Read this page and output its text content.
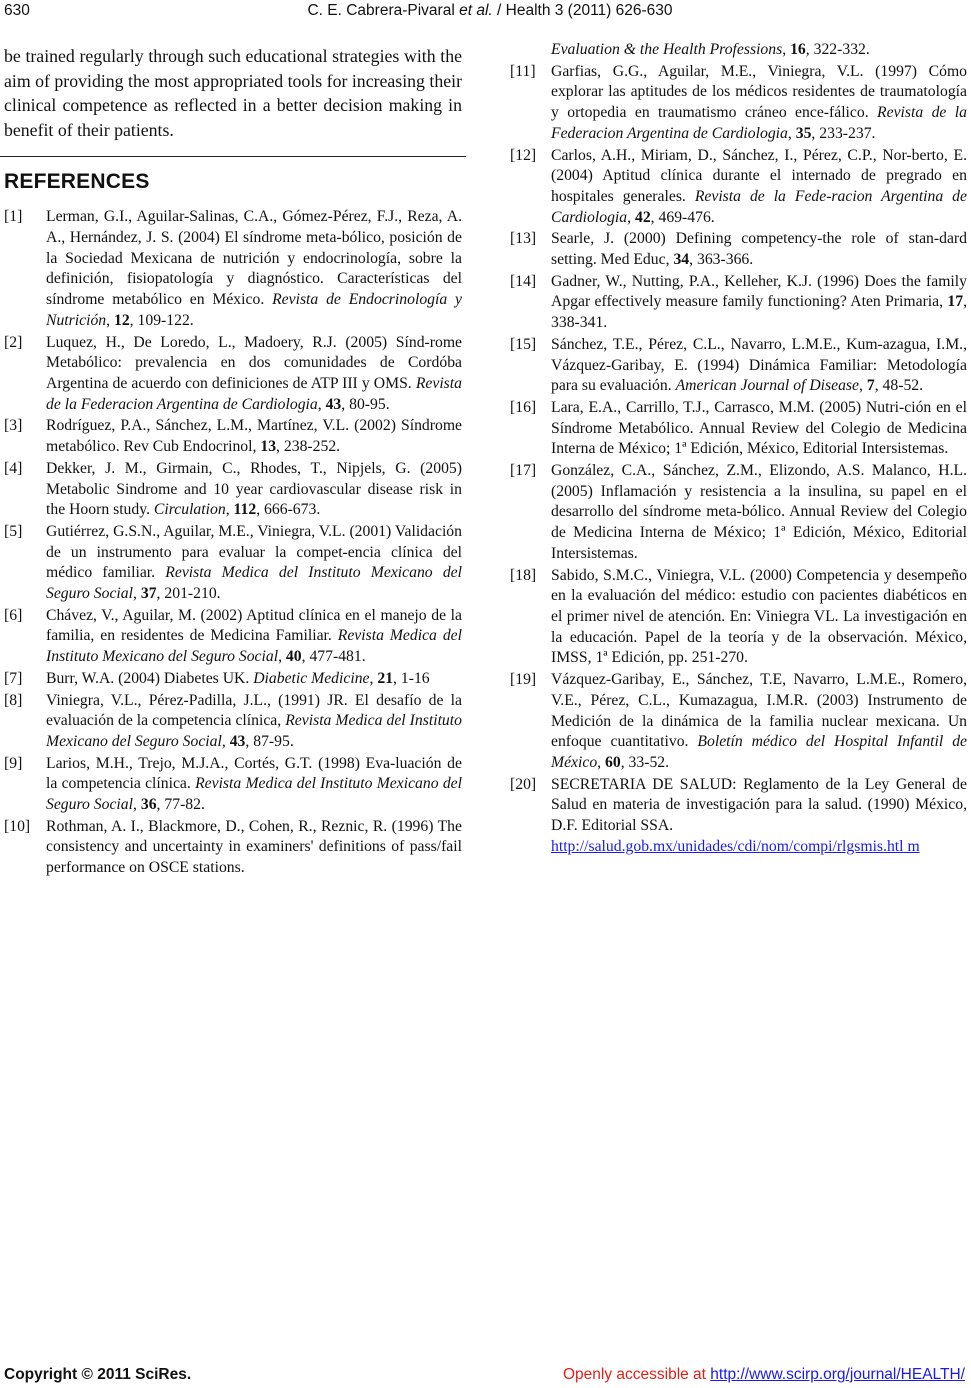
630	C. E. Cabrera-Pivaral et al. / Health 3 (2011) 626-630

be trained regularly through such educational strategies with the aim of providing the most appropriated tools for increasing their clinical competence as reflected in a better decision making in benefit of their patients.

REFERENCES
[1] Lerman, G.I., Aguilar-Salinas, C.A., Gómez-Pérez, F.J., Reza, A. A., Hernández, J. S. (2004) El síndrome meta-bólico, posición de la Sociedad Mexicana de nutrición y endocrinología, sobre la definición, fisiopatología y diagnóstico. Características del síndrome metabólico en México. Revista de Endocrinología y Nutrición, 12, 109-122.
[2] Luquez, H., De Loredo, L., Madoery, R.J. (2005) Sínd-rome Metabólico: prevalencia en dos comunidades de Cordóba Argentina de acuerdo con definiciones de ATP III y OMS. Revista de la Federacion Argentina de Cardiologia, 43, 80-95.
[3] Rodríguez, P.A., Sánchez, L.M., Martínez, V.L. (2002) Síndrome metabólico. Rev Cub Endocrinol, 13, 238-252.
[4] Dekker, J. M., Girmain, C., Rhodes, T., Nipjels, G. (2005) Metabolic Sindrome and 10 year cardiovascular disease risk in the Hoorn study. Circulation, 112, 666-673.
[5] Gutiérrez, G.S.N., Aguilar, M.E., Viniegra, V.L. (2001) Validación de un instrumento para evaluar la compet-encia clínica del médico familiar. Revista Medica del Instituto Mexicano del Seguro Social, 37, 201-210.
[6] Chávez, V., Aguilar, M. (2002) Aptitud clínica en el manejo de la familia, en residentes de Medicina Familiar. Revista Medica del Instituto Mexicano del Seguro Social, 40, 477-481.
[7] Burr, W.A. (2004) Diabetes UK. Diabetic Medicine, 21, 1-16
[8] Viniegra, V.L., Pérez-Padilla, J.L., (1991) JR. El desafío de la evaluación de la competencia clínica, Revista Medica del Instituto Mexicano del Seguro Social, 43, 87-95.
[9] Larios, M.H., Trejo, M.J.A., Cortés, G.T. (1998) Eva-luación de la competencia clínica. Revista Medica del Instituto Mexicano del Seguro Social, 36, 77-82.
[10] Rothman, A. I., Blackmore, D., Cohen, R., Reznic, R. (1996) The consistency and uncertainty in examiners' definitions of pass/fail performance on OSCE stations.
Evaluation & the Health Professions, 16, 322-332.
[11] Garfias, G.G., Aguilar, M.E., Viniegra, V.L. (1997) Cómo explorar las aptitudes de los médicos residentes de traumatología y ortopedia en traumatismo cráneo ence-fálico. Revista de la Federacion Argentina de Cardiologia, 35, 233-237.
[12] Carlos, A.H., Miriam, D., Sánchez, I., Pérez, C.P., Nor-berto, E. (2004) Aptitud clínica durante el internado de pregrado en hospitales generales. Revista de la Fede-racion Argentina de Cardiologia, 42, 469-476.
[13] Searle, J. (2000) Defining competency-the role of stan-dard setting. Med Educ, 34, 363-366.
[14] Gadner, W., Nutting, P.A., Kelleher, K.J. (1996) Does the family Apgar effectively measure family functioning? Aten Primaria, 17, 338-341.
[15] Sánchez, T.E., Pérez, C.L., Navarro, L.M.E., Kum-azagua, I.M., Vázquez-Garibay, E. (1994) Dinámica Familiar: Metodología para su evaluación. American Journal of Disease, 7, 48-52.
[16] Lara, E.A., Carrillo, T.J., Carrasco, M.M. (2005) Nutri-ción en el Síndrome Metabólico. Annual Review del Colegio de Medicina Interna de México; 1ª Edición, México, Editorial Intersistemas.
[17] González, C.A., Sánchez, Z.M., Elizondo, A.S. Malanco, H.L. (2005) Inflamación y resistencia a la insulina, su papel en el desarrollo del síndrome meta-bólico. Annual Review del Colegio de Medicina Interna de México; 1ª Edición, México, Editorial Intersistemas.
[18] Sabido, S.M.C., Viniegra, V.L. (2000) Competencia y desempeño en la evaluación del médico: estudio con pacientes diabéticos en el primer nivel de atención. En: Viniegra VL. La investigación en la educación. Papel de la teoría y de la observación. México, IMSS, 1ª Edición, pp. 251-270.
[19] Vázquez-Garibay, E., Sánchez, T.E, Navarro, L.M.E., Romero, V.E., Pérez, C.L., Kumazagua, I.M.R. (2003) Instrumento de Medición de la dinámica de la familia nuclear mexicana. Un enfoque cuantitativo. Boletín médico del Hospital Infantil de México, 60, 33-52.
[20] SECRETARIA DE SALUD: Reglamento de la Ley General de Salud en materia de investigación para la salud. (1990) México, D.F. Editorial SSA.
http://salud.gob.mx/unidades/cdi/nom/compi/rlgsmis.htl m
Copyright © 2011 SciRes.	Openly accessible at http://www.scirp.org/journal/HEALTH/
